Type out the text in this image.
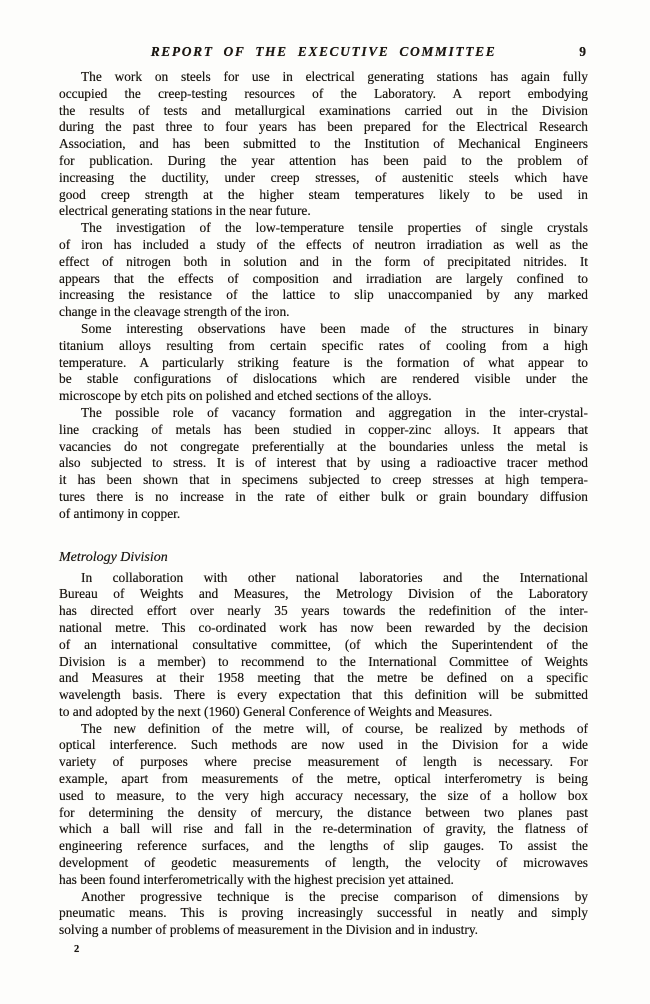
REPORT OF THE EXECUTIVE COMMITTEE	9
The work on steels for use in electrical generating stations has again fully
occupied the creep-testing resources of the Laboratory. A report embodying
the results of tests and metallurgical examinations carried out in the Division
during the past three to four years has been prepared for the Electrical Research
Association, and has been submitted to the Institution of Mechanical Engineers
for publication. During the year attention has been paid to the problem of
increasing the ductility, under creep stresses, of austenitic steels which have
good creep strength at the higher steam temperatures likely to be used in
electrical generating stations in the near future.
The investigation of the low-temperature tensile properties of single crystals
of iron has included a study of the effects of neutron irradiation as well as the
effect of nitrogen both in solution and in the form of precipitated nitrides. It
appears that the effects of composition and irradiation are largely confined to
increasing the resistance of the lattice to slip unaccompanied by any marked
change in the cleavage strength of the iron.
Some interesting observations have been made of the structures in binary
titanium alloys resulting from certain specific rates of cooling from a high
temperature. A particularly striking feature is the formation of what appear to
be stable configurations of dislocations which are rendered visible under the
microscope by etch pits on polished and etched sections of the alloys.
The possible role of vacancy formation and aggregation in the inter-crystal-
line cracking of metals has been studied in copper-zinc alloys. It appears that
vacancies do not congregate preferentially at the boundaries unless the metal is
also subjected to stress. It is of interest that by using a radioactive tracer method
it has been shown that in specimens subjected to creep stresses at high tempera-
tures there is no increase in the rate of either bulk or grain boundary diffusion
of antimony in copper.
Metrology Division
In collaboration with other national laboratories and the International
Bureau of Weights and Measures, the Metrology Division of the Laboratory
has directed effort over nearly 35 years towards the redefinition of the inter-
national metre. This co-ordinated work has now been rewarded by the decision
of an international consultative committee, (of which the Superintendent of the
Division is a member) to recommend to the International Committee of Weights
and Measures at their 1958 meeting that the metre be defined on a specific
wavelength basis. There is every expectation that this definition will be submitted
to and adopted by the next (1960) General Conference of Weights and Measures.
The new definition of the metre will, of course, be realized by methods of
optical interference. Such methods are now used in the Division for a wide
variety of purposes where precise measurement of length is necessary. For
example, apart from measurements of the metre, optical interferometry is being
used to measure, to the very high accuracy necessary, the size of a hollow box
for determining the density of mercury, the distance between two planes past
which a ball will rise and fall in the re-determination of gravity, the flatness of
engineering reference surfaces, and the lengths of slip gauges. To assist the
development of geodetic measurements of length, the velocity of microwaves
has been found interferometrically with the highest precision yet attained.
Another progressive technique is the precise comparison of dimensions by
pneumatic means. This is proving increasingly successful in neatly and simply
solving a number of problems of measurement in the Division and in industry.
2
